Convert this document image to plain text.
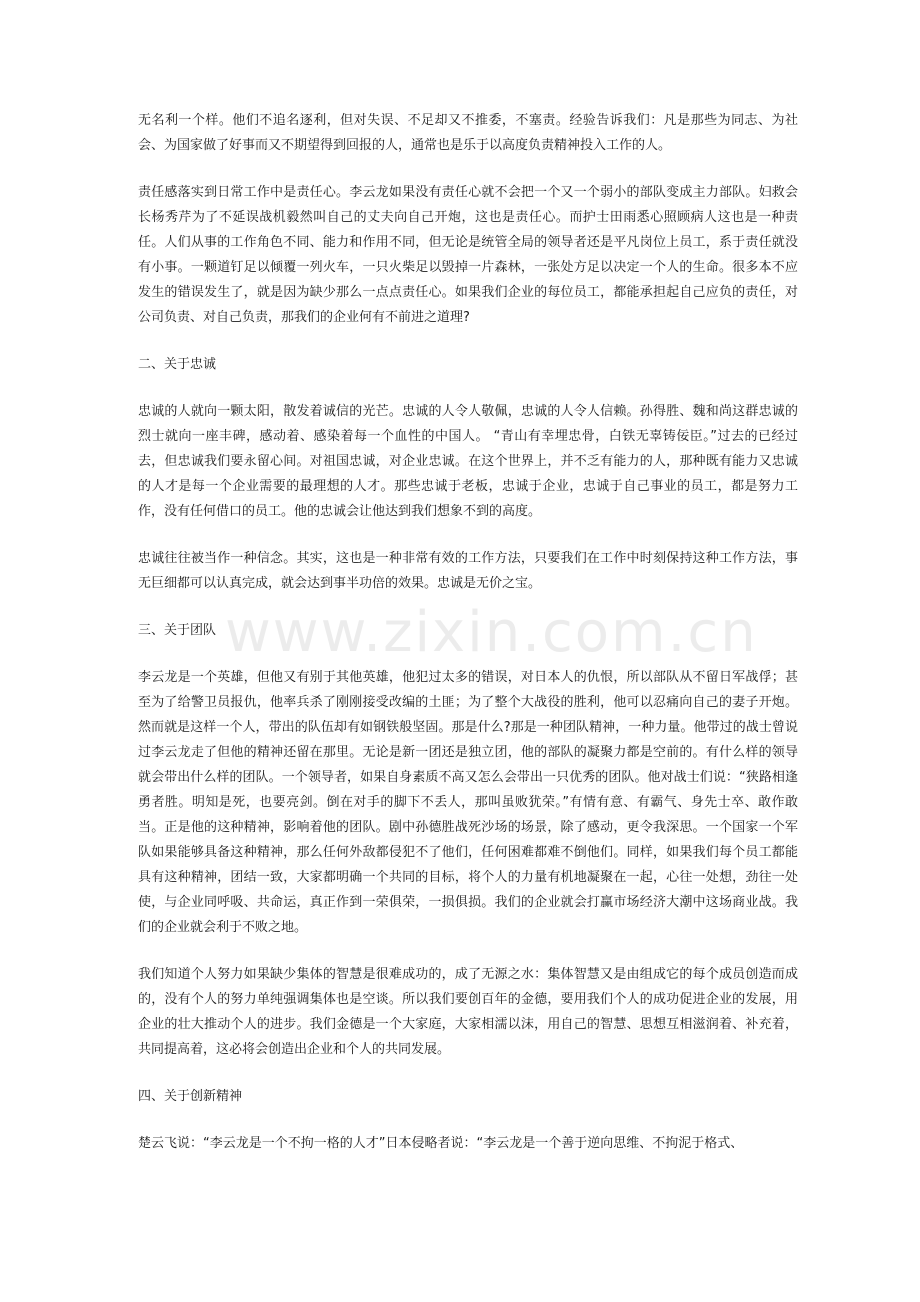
无名利一个样。他们不追名逐利，但对失误、不足却又不推委，不塞责。经验告诉我们：凡是那些为同志、为社会、为国家做了好事而又不期望得到回报的人，通常也是乐于以高度负责精神投入工作的人。

责任感落实到日常工作中是责任心。李云龙如果没有责任心就不会把一个又一个弱小的部队变成主力部队。妇救会长杨秀芹为了不延误战机毅然叫自己的丈夫向自己开炮，这也是责任心。而护士田雨悉心照顾病人这也是一种责任。人们从事的工作角色不同、能力和作用不同，但无论是统管全局的领导者还是平凡岗位上员工，系于责任就没有小事。一颗道钉足以倾覆一列火车，一只火柴足以毁掉一片森林，一张处方足以决定一个人的生命。很多本不应发生的错误发生了，就是因为缺少那么一点点责任心。如果我们企业的每位员工，都能承担起自己应负的责任，对公司负责、对自己负责，那我们的企业何有不前进之道理?

二、关于忠诚

忠诚的人就向一颗太阳，散发着诚信的光芒。忠诚的人令人敬佩，忠诚的人令人信赖。孙得胜、魏和尚这群忠诚的烈士就向一座丰碑，感动着、感染着每一个血性的中国人。 “青山有幸埋忠骨，白铁无辜铸佞臣。”过去的已经过去，但忠诚我们要永留心间。对祖国忠诚，对企业忠诚。在这个世界上，并不乏有能力的人，那种既有能力又忠诚的人才是每一个企业需要的最理想的人才。那些忠诚于老板，忠诚于企业，忠诚于自己事业的员工，都是努力工作，没有任何借口的员工。他的忠诚会让他达到我们想象不到的高度。

忠诚往往被当作一种信念。其实，这也是一种非常有效的工作方法，只要我们在工作中时刻保持这种工作方法，事无巨细都可以认真完成，就会达到事半功倍的效果。忠诚是无价之宝。

三、关于团队

李云龙是一个英雄，但他又有别于其他英雄，他犯过太多的错误，对日本人的仇恨，所以部队从不留日军战俘；甚至为了给警卫员报仇，他率兵杀了刚刚接受改编的土匪；为了整个大战役的胜利，他可以忍痛向自己的妻子开炮。然而就是这样一个人，带出的队伍却有如钢铁般坚固。那是什么?那是一种团队精神，一种力量。他带过的战士曾说过李云龙走了但他的精神还留在那里。无论是新一团还是独立团，他的部队的凝聚力都是空前的。有什么样的领导就会带出什么样的团队。一个领导者，如果自身素质不高又怎么会带出一只优秀的团队。他对战士们说：“狭路相逢勇者胜。明知是死，也要亮剑。倒在对手的脚下不丢人，那叫虽败犹荣。”有情有意、有霸气、身先士卒、敢作敢当。正是他的这种精神，影响着他的团队。剧中孙德胜战死沙场的场景，除了感动，更令我深思。一个国家一个军队如果能够具备这种精神，那么任何外敌都侵犯不了他们，任何困难都难不倒他们。同样，如果我们每个员工都能具有这种精神，团结一致，大家都明确一个共同的目标，将个人的力量有机地凝聚在一起，心往一处想，劲往一处使，与企业同呼吸、共命运，真正作到一荣俱荣，一损俱损。我们的企业就会打赢市场经济大潮中这场商业战。我们的企业就会利于不败之地。

我们知道个人努力如果缺少集体的智慧是很难成功的，成了无源之水：集体智慧又是由组成它的每个成员创造而成的，没有个人的努力单纯强调集体也是空谈。所以我们要创百年的金德，要用我们个人的成功促进企业的发展，用企业的壮大推动个人的进步。我们金德是一个大家庭，大家相濡以沫，用自己的智慧、思想互相滋润着、补充着，共同提高着，这必将会创造出企业和个人的共同发展。

四、关于创新精神

楚云飞说：“李云龙是一个不拘一格的人才”日本侵略者说：“李云龙是一个善于逆向思维、不拘泥于格式、

www.zixin.com.cn
